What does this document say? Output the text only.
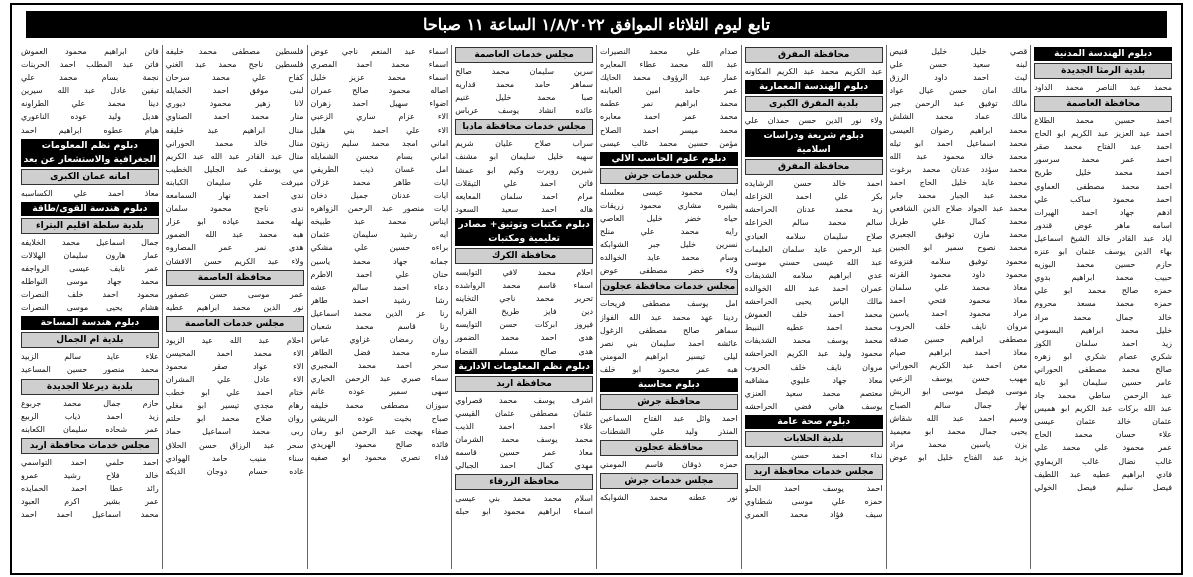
تابع ليوم الثلاثاء الموافق ١/٨/٢٠٢٢ الساعة ١١ صباحا
دبلوم الهندسة المدنية
بلدية الرمثا الجديدة
محمد عبد الناصر محمد الداود
محافظة العاصمة
احمد حسين محمد الطلاع
احمد عبد العزيز عبد الكريم ابو الحاج
احمد عبد الفتاح محمد صقر
احمد عمر محمد سرسور
احمد محمد خليل طريح
احمد محمد مصطفى العماوي
احمد محمود ساكب علي
ادهم جهاد احمد الهيرات
اسامه ماهر عوض قندور
اياد عبد القادر خالد الشيخ اسماعيل
بهاء الدين يوسف عثمان ابو عنزه
حازم حسين محمد البوزيه
حبيب محمد ابراهيم بدوي
حمزه صالح محمد ابو علي
حمزه محمد مسعد محروم
خالد جمال محمد مراد
خليل محمد ابراهيم البسومي
زيد احمد سلمان الكوز
شكري عصام شكري ابو زهره
صالح محمد مصطفى الحوراني
عامر حسين سليمان ابو تايه
عبد الرحمن ساطي محمد جاد
عبد الله بركات عبد الكريم ابو هميس
عثمان خالد عثمان عيسى
علاء حسان محمد الحاج
عمر محمود علي محمد علي
غالب نضال غالب الريماوي
فادي ابراهيم عطيه عبد اللطيف
فيصل سليم فيصل الخولي
قصي خليل خليل قنيص
لبنه سعيد حسن علي
ليث احمد داود الرزق
مالك امان حسن عيال عواد
مالك توفيق عبد الرحمن جبر
مالك عماد محمد الشلش
محمد ابراهيم رضوان العيسى
محمد اسماعيل احمد ابو تيله
محمد خالد محمود عبد الله
محمد سؤدد عدنان محمد برغوث
محمد عايد خليل الحاج احمد
محمد عبد الجبار محمد جابر
محمد عبد الجواد صلاح الدين الشافعي
محمد كمال علي طربل
محمد مازن توفيق الجعبري
محمد نصوح سمير ابو الجبين
محمود توفيق سلامه قنزوعه
محمود داود محمود القرنه
معاذ محمد علي سلمان
معاذ محمود فتحي احمد
مراد محمود احمد ياسين
مروان نايف خلف الحروب
مصطفى ابراهيم حسين صدقه
معاذ احمد ابراهيم صيام
معن احمد عبد الكريم الحوراني
مهيب حسن يوسف الزعبي
موسى فيصل موسى ابو الريش
نهار جمال سالم الصباح
وسيم احمد عبد الله شقاش
يحيى جمال محمد ابو معيميد
يزن ياسين محمد مراد
يزيد عبد الفتاح خليل ابو عوض
محافظة المفرق
عبد الكريم محمد عبد الكريم المكاونه
دبلوم الهندسة المعمارية
بلدية المفرق الكبرى
ولاء نور الدين حسن حمدان علي
دبلوم شريعة ودراسات اسلامية
محافظة المفرق
احمد خالد حسن الرشايده
بكر علي احمد الخزاعله
زيد محمد عدنان الحراحشه
سالم محمد سالم الخزاعله
صلاح سليمان سلامه العبادي
عبد الرحمن عايد سلمان العليمات
عبد الله عيسى حسني موسى
عدي ابراهيم سلامه الشديفات
عمران احمد عبد الله الخوالده
مالك الياس يحيى الحراحشه
محمد احمد خلف العموش
محمد احمد عطيه النبيط
محمد يوسف محمد الشديفات
محمود وليد عبد الكريم الحراحشه
مروان نايف خلف الحروب
معاذ جهاد عليوي مشاقبه
معتصم محمد سعيد العنزي
يوسف هاني فضي الحراحشه
دبلوم صحة عامة
بلدية الحلابات
نداء احمد حسن البزايعه
مجلس خدمات محافظة اربد
احمد يوسف احمد الحلو
حمزه علي موسى شطناوي
سيف فؤاد محمد العمري
صدام علي محمد النصيرات
عبد الله محمد عطاء المعايره
عمار عبد الرؤوف محمد الحايك
عمر حامد امين العبابنه
محمد ابراهيم نمر عطمه
محمد عمر احمد معابره
محمد ميسر احمد الصلاح
مؤمن حسين محمد غالب عيسى
دبلوم علوم الحاسب الالي
مجلس خدمات جرش
ايمان محمود عيسى معلسله
بشيره مشاري محمود زريقات
حياه خضر خليل العاصي
رايه محمد علي منلح
نسرين خليل جبر الشوابكه
وسام محمد عايد الخوالده
ولاء خضر مصطفى عوض
مجلس خدمات محافظة عجلون
امل يوسف مصطفى فريحات
ردينا عهد محمد عبد الله الفواز
سماهر صالح مصطفى الزغول
عائشه احمد سليمان بني نصر
ليلى تيسير ابراهيم المومني
هبه عمر محمود ابو خلف
دبلوم محاسبة
محافظة جرش
احمد وائل عبد الفتاح السماعين
المنذر وليد علي الشطنات
محافظة عجلون
حمزه ذوقان قاسم المومني
مجلس خدمات جرش
نور عطنه محمد الشوابكه
مجلس خدمات العاصمة
سرين سليمان محمد صالح
سماهر حامد محمد قداريه
صبا محمد خليل غنيم
عائده انشاد يوسف عرباس
مجلس خدمات محافظة مادبا
سراب صلاح عليان شريم
سهيه خليل سليمان ابو مشنف
شيرين روبرت وكيم ابو عمشا
فاتن احمد علي التيقلات
مرام احمد سلمان المعايعه
هاله احمد سعيد السعود
دبلوم مكتبات وتوثيق+ مصادر تعليمية ومكتبات
محافظة الكرك
احلام محمد لافي التوايسه
اسماء قاسم محمد الرواشده
تحرير محمد ناجي التخاينه
دين فايز طريخ القرايه
فيروز ابركات حسن التوايسه
هدى احمد محمد الضمور
هدى صالح مسلم القضاه
دبلوم نظم المعلومات الادارية
محافظة اربد
اشرف يوسف محمد قصراوي
عثمان مصطفى عثمان القيسي
علاء احمد احمد الذيب
محمد يوسف محمد الشرمان
معاذ عمر حسين قاسمه
مهدي كمال احمد الجبالي
محافظة الزرقاء
اسلام محمد محمد بني عيسى
اسماء ابراهيم محمود ابو حبله
اسماء عبد المنعم ناجي عوض
اسماء محمد احمد المصري
اسماء محمد عزيز خليل
اصاله محمود صالح عمران
اضواء سهيل احمد زهران
الاء عزام ساري الزعبي
الاء علي احمد بني هليل
اماني امجد محمد سليم زيتون
اماني بسام محسن الشمايله
امل غسان ذيب الطريفي
ايات طاهر محمد غزلان
ايات عدنان جميل دخان
ايات منصور عبد الرحمن الزواهره
ايناس محمد عبد طبيخه
ايه رشيد سليمان عثمان
براءه حسين علي مشكي
جمانه جهاد محمد ياسين
حنان علي احمد الاطرم
دعاء احمد سالم عشه
رشا رشيد احمد طاهر
رنا عز الدين محمد اسماعيل
رنا قاسم محمد شعبان
روان رمضان غزاوي عباس
ساره محمد فضل الطاهر
سحر احمد محمد المجيري
سماء صبري عبد الرحمن الحياري
سهى سمير عوده غانم
سوزان مصطفى محمد خليفه
صباح بخيت عوده البريشي
صفاء بهجت عبد الرحمن ابو رمان
فائده صالح محمود الهريدي
فداء نصري محمود ابو صفيه
فلسطين مصطفى محمد خليفه
فلسطين ناجح محمد عبد الغني
كفاح علي محمد سرحان
لبنى موفق احمد الخمايله
لانا زهير محمود ديوري
منار محمد احمد الصناوي
منال ابراهيم عبد خليفه
منال خالد محمد الحوراني
منال عبد القادر عبد الله عبد الكريم
مي يوسف عبد الجليل الخطيب
ميرفت علي سليمان الكبابنه
ندى احمد نهار السمامعه
ندى ناجح محمود سلمان
نهله محمد عياده ابو عزار
هبه محمد عبد الله الضمور
هدى نمر عمر المصاروه
ولاء عبد الكريم حسن الاقشان
محافظة العاصمة
عمر موسى حسن عصفور
نور الدين محمد ابراهيم عطيه
مجلس خدمات العاصمة
احلام عبد الله عيد الزيود
الاء محمد احمد المحيسن
الاء عواد صقر محمود
الاء عادل علي المشران
ختام احمد علي ابو خطب
رهام مجدي تيسير ابو مغلي
روان صلاح محمد ابو حلتم
ربى محمد اسماعيل حماد
سحر عبد الرزاق حسن الحلاق
سناء منيب حامد الهوادي
غاده حسام دوجان الديكه
فاتن ابراهيم محمود العموش
فاتن عبد المطلب احمد الحربنات
نجمة بسام محمد علي
تيفين عادل عبد الله سيرين
دينا محمد علي الطراونه
هديل وليد عوده الناعوري
هيام عطوه ابراهيم احمد
دبلوم نظم المعلومات الجغرافية والاستشعار عن بعد
امانه عمان الكبرى
معاذ احمد علي الكساسبه
دبلوم هندسة القوى/طاقة
بلدية سلطة اقليم البتراء
جمال اسماعيل محمد الخلايفه
عمار هارون سليمان الهلالات
عمر نايف عيسى الرواجفه
محمد جهاد موسى النواطله
محمود احمد خلف النصرات
هشام يحيى موسى النصرات
دبلوم هندسة المساحة
بلدية ام الجمال
علاء عايد سالم الزبيد
محمد منصور حسين المساعيد
بلدية ديرعلا الجديدة
حازم جمال محمد جربوع
زيد احمد ذياب الربيع
عمر شحاده سليمان الكعابنه
مجلس خدمات محافظة اربد
احمد حلمي احمد التواسمي
خالد فلاح رشيد عمرو
رائد عطا احمد الحمايده
عمر بشير اكرم العبود
محمد اسماعيل احمد احمد
